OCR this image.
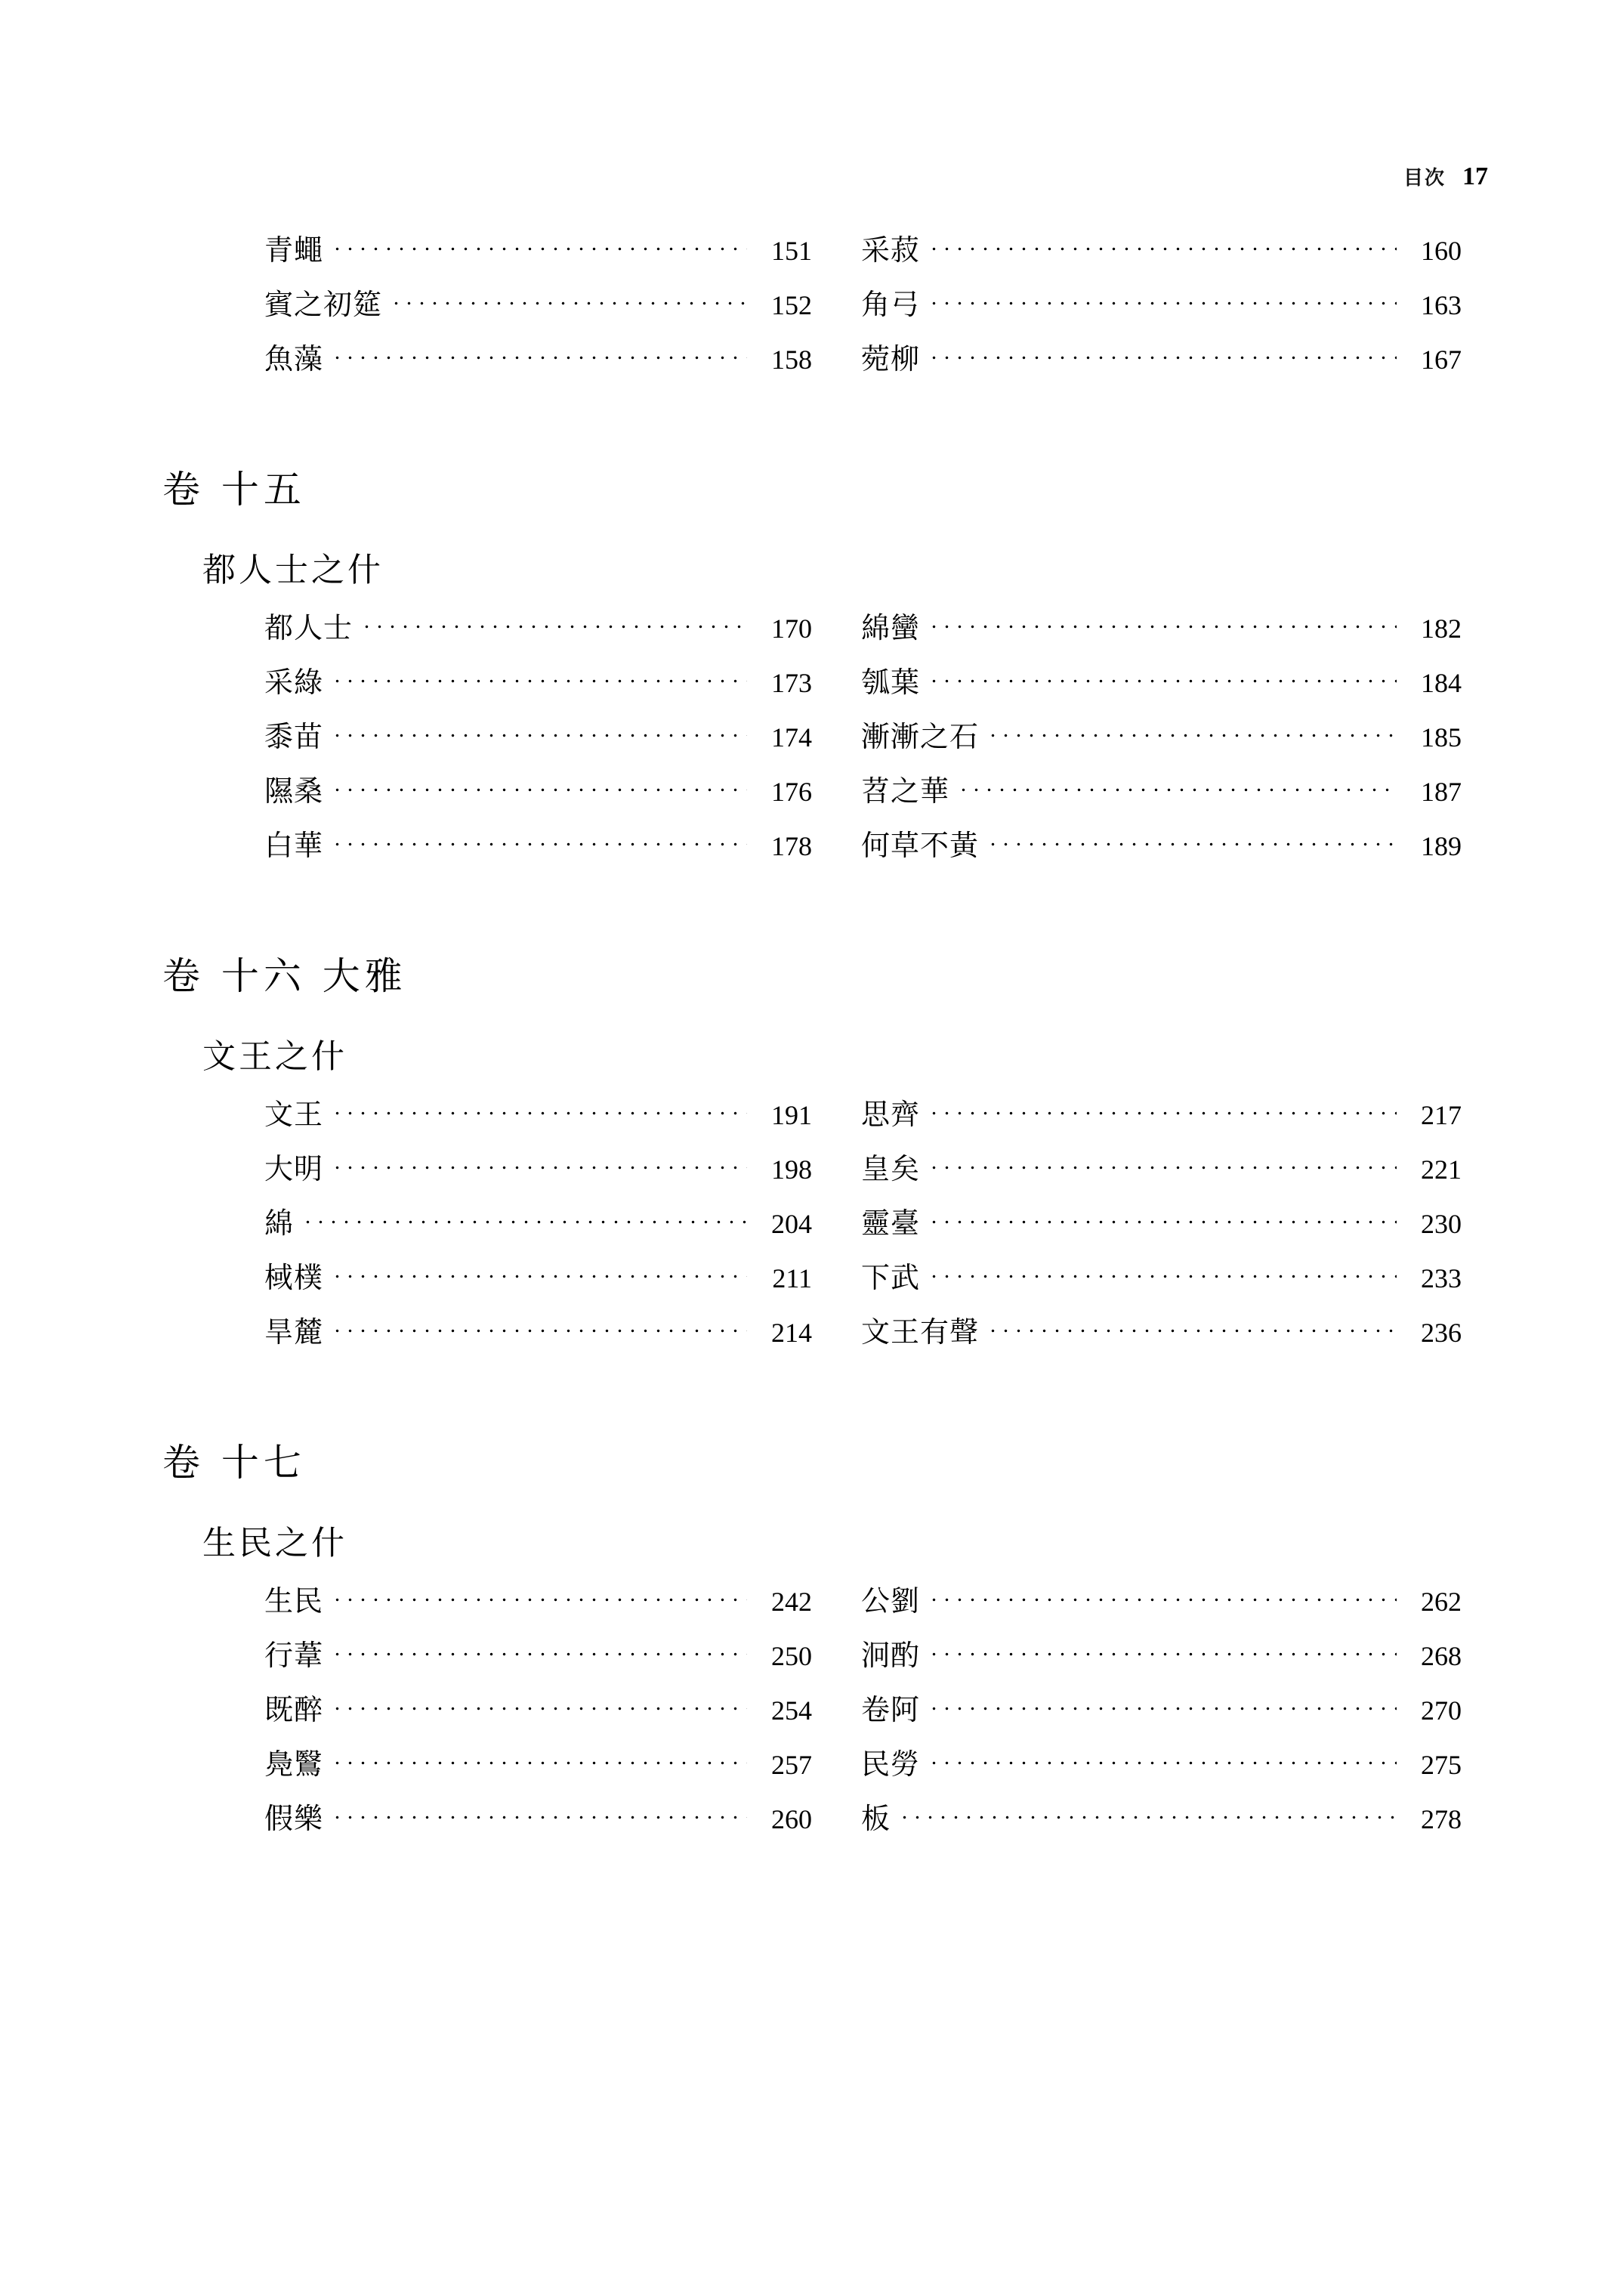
目次 17
青蠅	151
賓之初筵	152
魚藻	158
采菽	160
角弓	163
菀柳	167
卷 十五
都人士之什
都人士	170
采綠	173
黍苗	174
隰桑	176
白華	178
綿蠻	182
瓠葉	184
漸漸之石	185
苕之華	187
何草不黃	189
卷 十六 大雅
文王之什
文王	191
大明	198
綿	204
棫樸	211
旱麓	214
思齊	217
皇矣	221
靈臺	230
下武	233
文王有聲	236
卷 十七
生民之什
生民	242
行葦	250
既醉	254
鳧鷖	257
假樂	260
公劉	262
泂酌	268
卷阿	270
民勞	275
板	278
